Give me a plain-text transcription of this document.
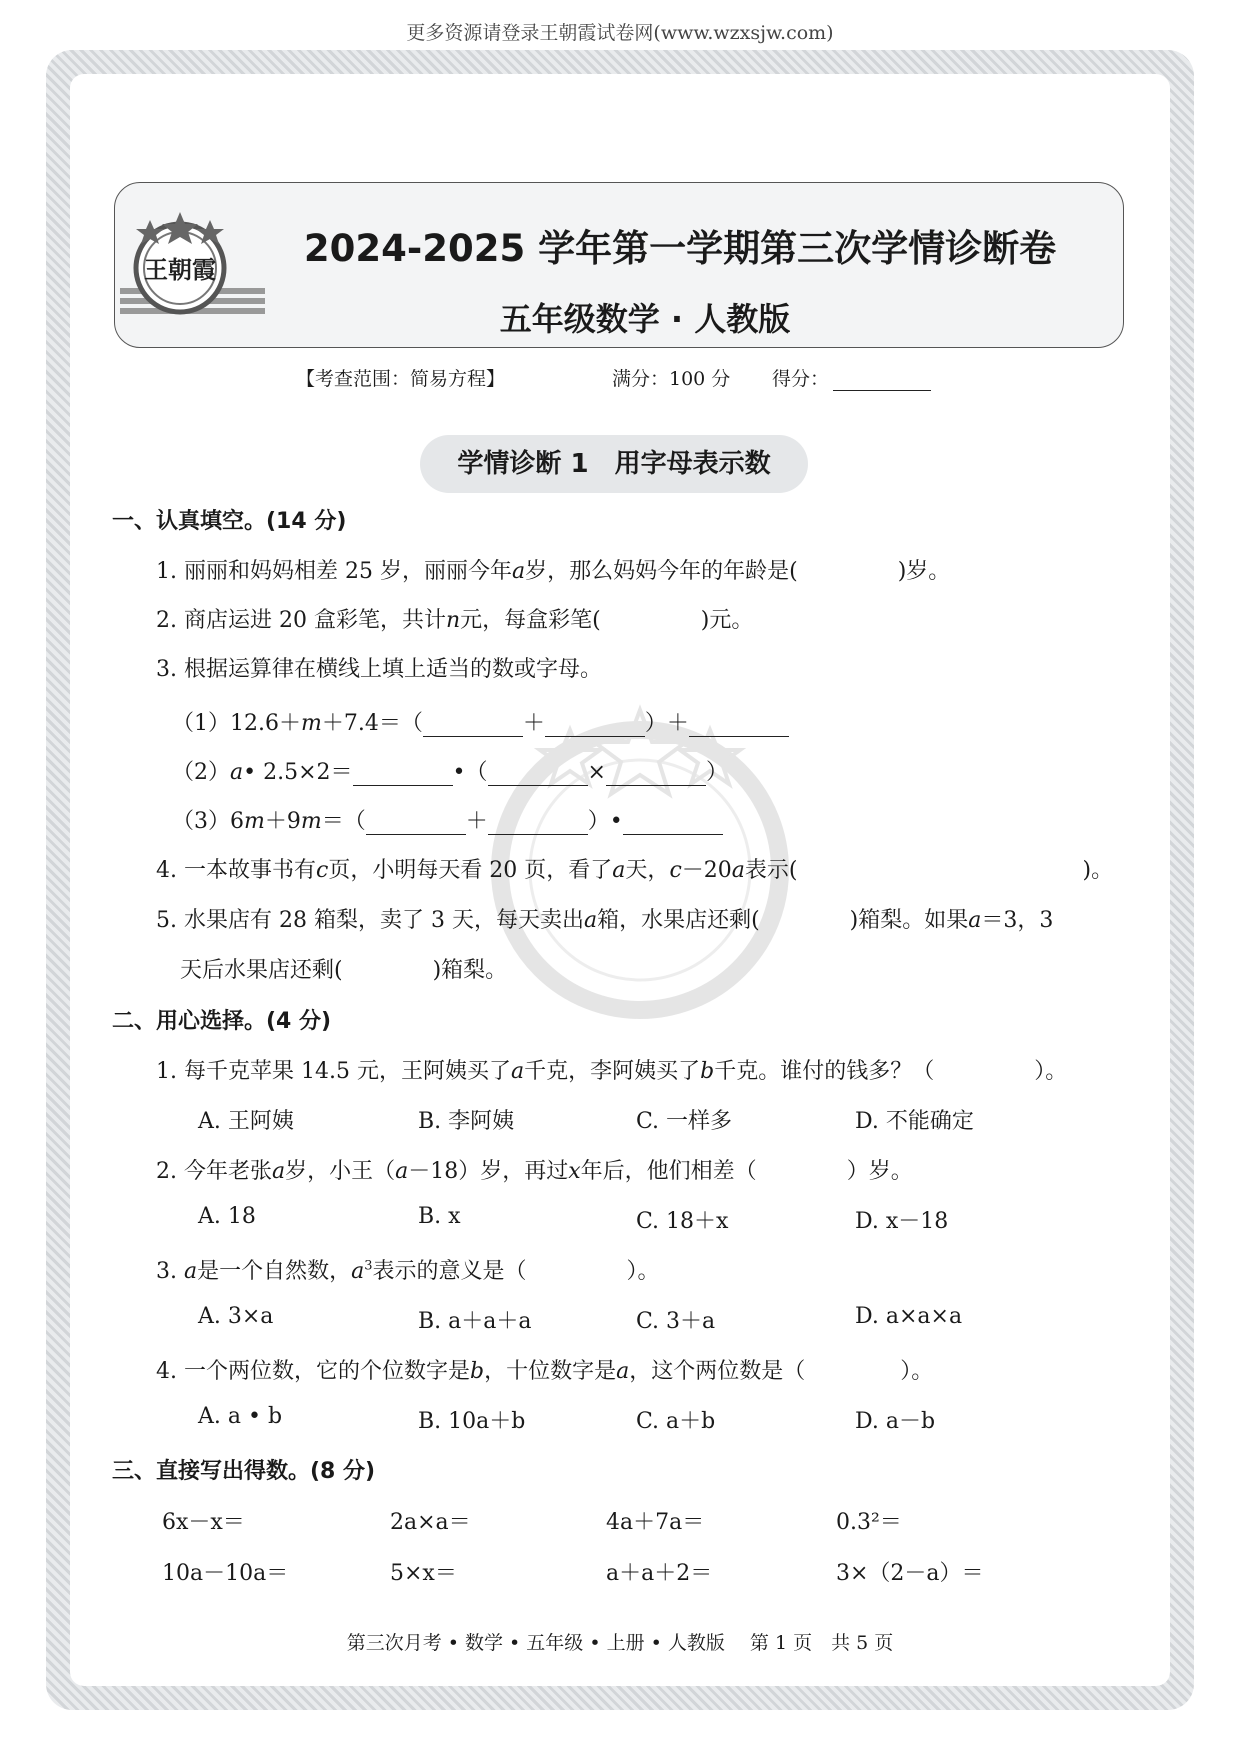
更多资源请登录王朝霞试卷网(www.wzxsjw.com)
王朝霞 2024-2025 学年第一学期第三次学情诊断卷
五年级数学 · 人教版
【考查范围：简易方程】	满分：100 分 得分：
学情诊断 1　用字母表示数
一、认真填空。(14 分)
1. 丽丽和妈妈相差 25 岁，丽丽今年a岁，那么妈妈今年的年龄是(	)岁。
2. 商店运进 20 盒彩笔，共计n元，每盒彩笔(	)元。
3. 根据运算律在横线上填上适当的数或字母。
（1）12.6＋m＋7.4＝（	＋	）＋
（2）a• 2.5×2＝	•（	×	）
（3）6m＋9m＝（	＋	）•
4. 一本故事书有c页，小明每天看 20 页，看了a天，c－20a表示(	)。
5. 水果店有 28 箱梨，卖了 3 天，每天卖出a箱，水果店还剩(	)箱梨。如果a＝3，3
天后水果店还剩(	)箱梨。
二、用心选择。(4 分)
1. 每千克苹果 14.5 元，王阿姨买了a千克，李阿姨买了b千克。谁付的钱多？（	）。
A. 王阿姨	B. 李阿姨	C. 一样多	D. 不能确定
2. 今年老张a岁，小王（a－18）岁，再过x年后，他们相差（	）岁。
A. 18	B. x	C. 18＋x	D. x－18
3. a是一个自然数，$a^3$表示的意义是（	）。
A. 3×a	B. a＋a＋a	C. 3＋a	D. a×a×a
4. 一个两位数，它的个位数字是b，十位数字是a，这个两位数是（	）。
A. a • b	B. 10a＋b	C. a＋b	D. a－b
三、直接写出得数。(8 分)
6x－x＝	2a×a＝	4a＋7a＝	0.3²＝
10a－10a＝	5×x＝	a＋a＋2＝	3×（2－a）＝
第三次月考 • 数学 • 五年级 • 上册 • 人教版　 第 1 页　共 5 页
